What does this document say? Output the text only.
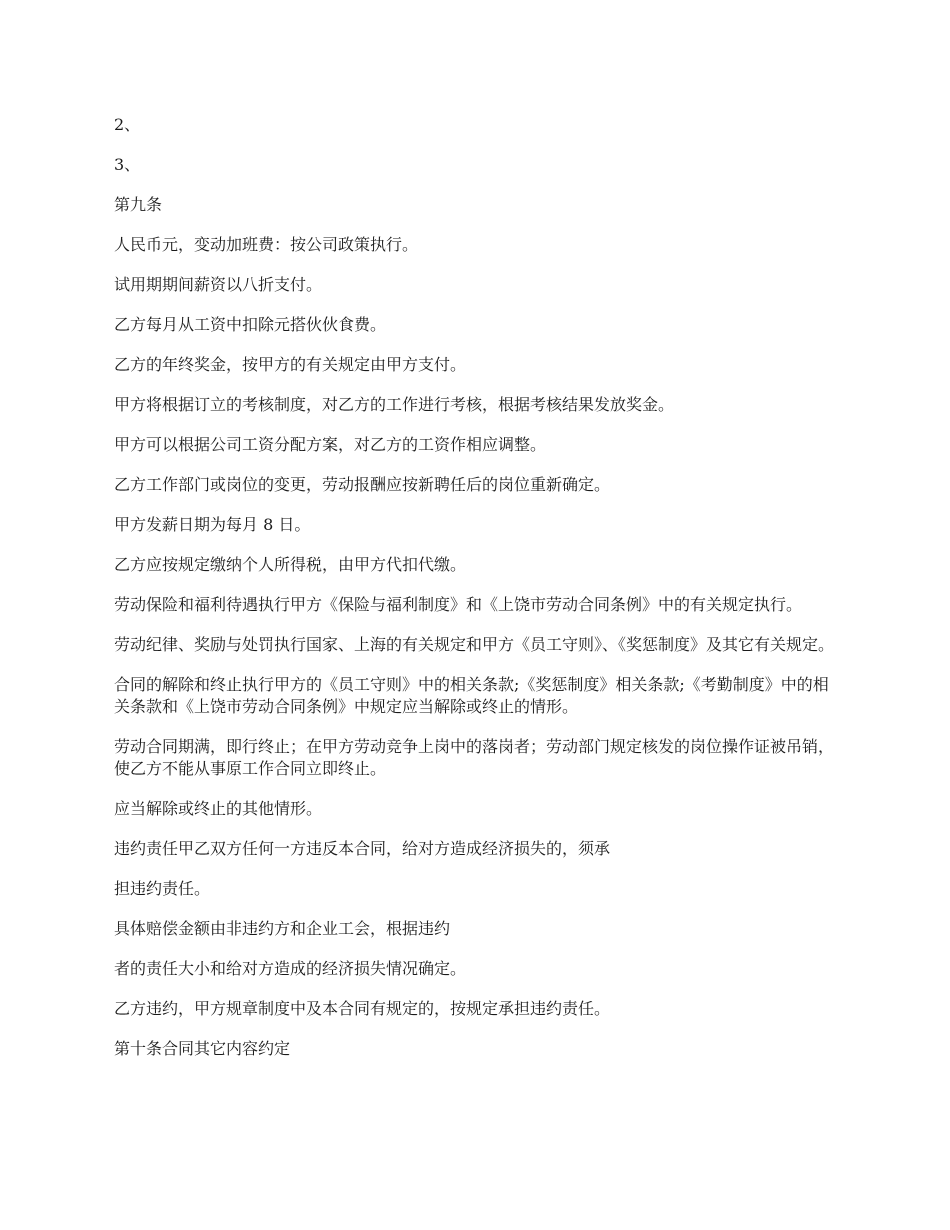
2、

3、

第九条

人民币元，变动加班费：按公司政策执行。

试用期期间薪资以八折支付。

乙方每月从工资中扣除元搭伙伙食费。

乙方的年终奖金，按甲方的有关规定由甲方支付。

甲方将根据订立的考核制度，对乙方的工作进行考核，根据考核结果发放奖金。

甲方可以根据公司工资分配方案，对乙方的工资作相应调整。

乙方工作部门或岗位的变更，劳动报酬应按新聘任后的岗位重新确定。

甲方发薪日期为每月 8 日。

乙方应按规定缴纳个人所得税，由甲方代扣代缴。

劳动保险和福利待遇执行甲方《保险与福利制度》和《上饶市劳动合同条例》中的有关规定执行。

劳动纪律、奖励与处罚执行国家、上海的有关规定和甲方《员工守则》、《奖惩制度》及其它有关规定。

合同的解除和终止执行甲方的《员工守则》中的相关条款;《奖惩制度》相关条款;《考勤制度》中的相关条款和《上饶市劳动合同条例》中规定应当解除或终止的情形。

劳动合同期满，即行终止；在甲方劳动竞争上岗中的落岗者；劳动部门规定核发的岗位操作证被吊销，使乙方不能从事原工作合同立即终止。

应当解除或终止的其他情形。

违约责任甲乙双方任何一方违反本合同，给对方造成经济损失的，须承

担违约责任。

具体赔偿金额由非违约方和企业工会，根据违约

者的责任大小和给对方造成的经济损失情况确定。

乙方违约，甲方规章制度中及本合同有规定的，按规定承担违约责任。

第十条合同其它内容约定
